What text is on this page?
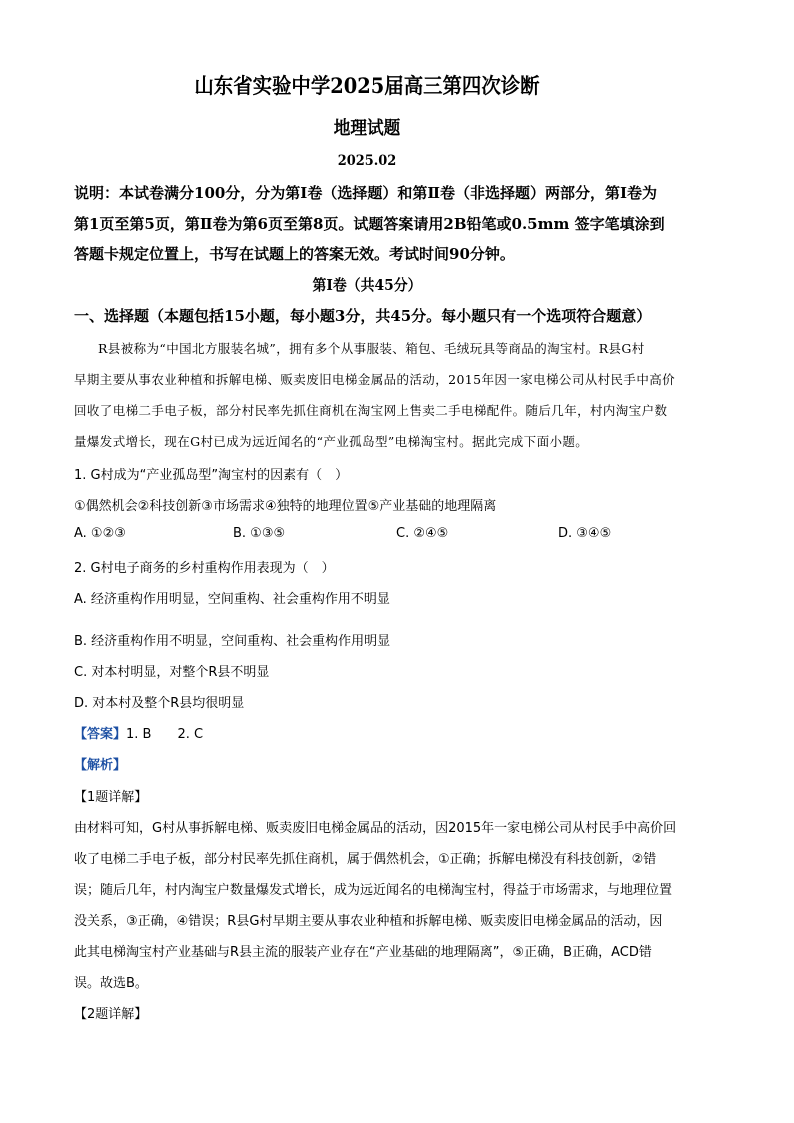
山东省实验中学2025届高三第四次诊断
地理试题
2025.02
说明：本试卷满分100分，分为第Ⅰ卷（选择题）和第Ⅱ卷（非选择题）两部分，第Ⅰ卷为
第1页至第5页，第Ⅱ卷为第6页至第8页。试题答案请用2B铅笔或0.5mm 签字笔填涂到
答题卡规定位置上，书写在试题上的答案无效。考试时间90分钟。
第Ⅰ卷（共45分）
一、选择题（本题包括15小题，每小题3分，共45分。每小题只有一个选项符合题意）
R县被称为“中国北方服装名城”，拥有多个从事服装、箱包、毛绒玩具等商品的淘宝村。R县G村
早期主要从事农业种植和拆解电梯、贩卖废旧电梯金属品的活动，2015年因一家电梯公司从村民手中高价
回收了电梯二手电子板，部分村民率先抓住商机在淘宝网上售卖二手电梯配件。随后几年，村内淘宝户数
量爆发式增长，现在G村已成为远近闻名的“产业孤岛型”电梯淘宝村。据此完成下面小题。
1. G村成为“产业孤岛型”淘宝村的因素有（　）
①偶然机会②科技创新③市场需求④独特的地理位置⑤产业基础的地理隔离
A. ①②③	B. ①③⑤	C. ②④⑤	D. ③④⑤
2. G村电子商务的乡村重构作用表现为（　）
A. 经济重构作用明显，空间重构、社会重构作用不明显
B. 经济重构作用不明显，空间重构、社会重构作用明显
C. 对本村明显，对整个R县不明显
D. 对本村及整个R县均很明显
【答案】1. B　　2. C
【解析】
【1题详解】
由材料可知，G村从事拆解电梯、贩卖废旧电梯金属品的活动，因2015年一家电梯公司从村民手中高价回
收了电梯二手电子板，部分村民率先抓住商机，属于偶然机会，①正确；拆解电梯没有科技创新，②错
误；随后几年，村内淘宝户数量爆发式增长，成为远近闻名的电梯淘宝村，得益于市场需求，与地理位置
没关系，③正确，④错误；R县G村早期主要从事农业种植和拆解电梯、贩卖废旧电梯金属品的活动，因
此其电梯淘宝村产业基础与R县主流的服装产业存在“产业基础的地理隔离”，⑤正确，B正确，ACD错
误。故选B。
【2题详解】
